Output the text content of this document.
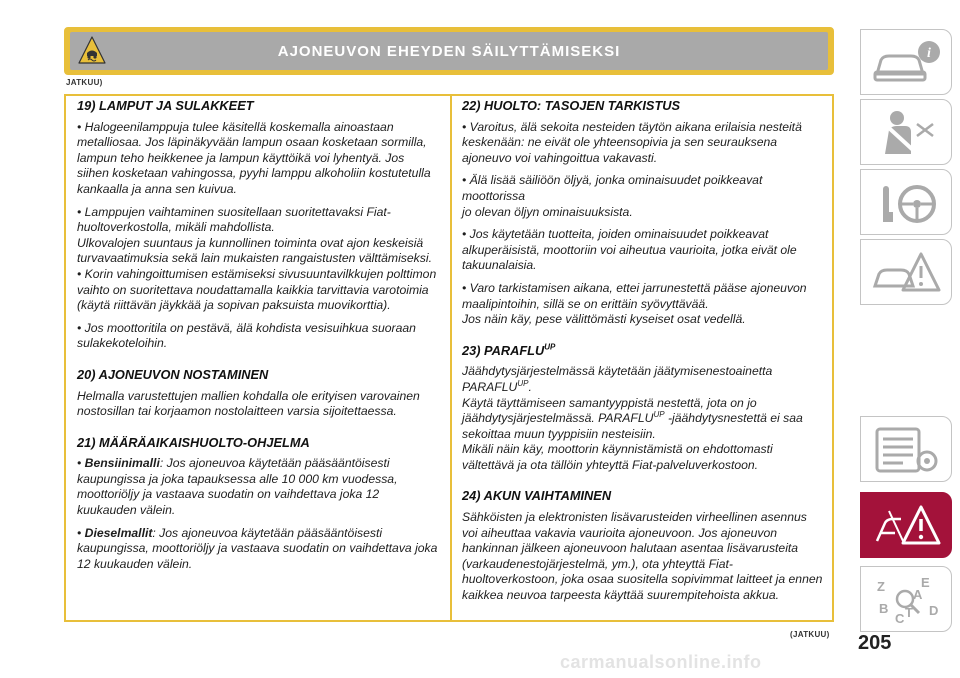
AJONEUVON EHEYDEN SÄILYTTÄMISEKSI
JATKUU)
19) LAMPUT JA SULAKKEET

• Halogeenilamppuja tulee käsitellä koskemalla ainoastaan metalliosaa. Jos läpinäkyvään lampun osaan kosketaan sormilla, lampun teho heikkenee ja lampun käyttöikä voi lyhentyä. Jos siihen kosketaan vahingossa, pyyhi lamppu alkoholiin kostutetulla kankaalla ja anna sen kuivua.

• Lamppujen vaihtaminen suositellaan suoritettavaksi Fiat-huoltoverkostolla, mikäli mahdollista.

Ulkovalojen suuntaus ja kunnollinen toiminta ovat ajon keskeisiä turvavaatimuksia sekä lain mukaisten rangaistusten välttämiseksi.

• Korin vahingoittumisen estämiseksi sivusuuntavilkkujen polttimon vaihto on suoritettava noudattamalla kaikkia tarvittavia varotoimia (käytä riittävän jäykkää ja sopivan paksuista muovikorttia).

• Jos moottoritila on pestävä, älä kohdista vesisuihkua suoraan sulakekoteloihin.

20) AJONEUVON NOSTAMINEN

Helmalla varustettujen mallien kohdalla ole erityisen varovainen nostosillan tai korjaamon nostolaitteen varsia sijoitettaessa.

21) MÄÄRÄAIKAISHUOLTO-OHJELMA

• Bensiinimalli: Jos ajoneuvoa käytetään pääsääntöisesti kaupungissa ja joka tapauksessa alle 10 000 km vuodessa, moottoriöljy ja vastaava suodatin on vaihdettava joka 12 kuukauden välein.

• Dieselmallit: Jos ajoneuvoa käytetään pääsääntöisesti kaupungissa, moottoriöljy ja vastaava suodatin on vaihdettava joka 12 kuukauden välein.

22) HUOLTO: TASOJEN TARKISTUS

• Varoitus, älä sekoita nesteiden täytön aikana erilaisia nesteitä keskenään: ne eivät ole yhteensopivia ja sen seurauksena ajoneuvo voi vahingoittua vakavasti.

• Älä lisää säiliöön öljyä, jonka ominaisuudet poikkeavat moottorissa
jo olevan öljyn ominaisuuksista.

• Jos käytetään tuotteita, joiden ominaisuudet poikkeavat alkuperäisistä, moottoriin voi aiheutua vaurioita, jotka eivät ole takuunalaisia.

• Varo tarkistamisen aikana, ettei jarrunestettä pääse ajoneuvon maalipintoihin, sillä se on erittäin syövyttävää.
Jos näin käy, pese välittömästi kyseiset osat vedellä.

23) $PARAFLU^{UP}$

Jäähdytysjärjestelmässä käytetään jäätymisenestoainetta
$PARAFLU^{UP}$.
Käytä täyttämiseen samantyyppistä nestettä, jota on jo
jäähdytysjärjestelmässä. $PARAFLU^{UP}$ -jäähdytysnestettä ei saa sekoittaa muun tyyppisiin nesteisiin.
Mikäli näin käy, moottorin käynnistämistä on ehdottomasti vältettävä ja ota tällöin yhteyttä Fiat-palveluverkostoon.

24) AKUN VAIHTAMINEN

Sähköisten ja elektronisten lisävarusteiden virheellinen asennus voi aiheuttaa vakavia vaurioita ajoneuvoon. Jos ajoneuvon hankinnan jälkeen ajoneuvoon halutaan asentaa lisävarusteita (varkaudenestojärjestelmä, ym.), ota yhteyttä Fiat-huoltoverkostoon, joka osaa suositella sopivimmat laitteet ja ennen kaikkea neuvoa tarpeesta käyttää suurempitehoista akkua.

(JATKUU) 205
i
Z	E
B
C T D
A
carmanualsonline.info
